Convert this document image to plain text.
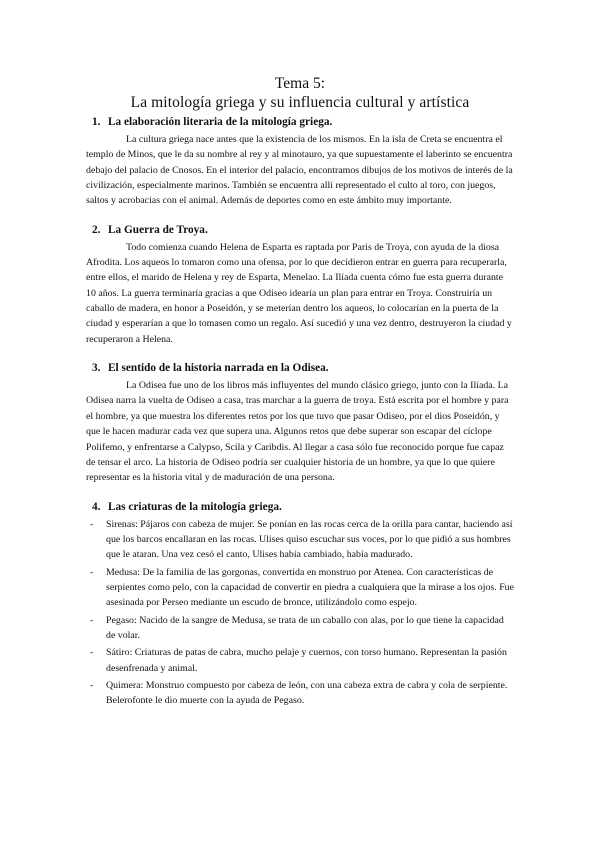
Tema 5:
La mitología griega y su influencia cultural y artística
1. La elaboración literaria de la mitología griega.

La cultura griega nace antes que la existencia de los mismos. En la isla de Creta se encuentra el templo de Minos, que le da su nombre al rey y al minotauro, ya que supuestamente el laberinto se encuentra debajo del palacio de Cnosos. En el interior del palacio, encontramos dibujos de los motivos de interés de la civilización, especialmente marinos. También se encuentra allí representado el culto al toro, con juegos, saltos y acrobacias con el animal. Además de deportes como en este ámbito muy importante.

2. La Guerra de Troya.

Todo comienza cuando Helena de Esparta es raptada por Paris de Troya, con ayuda de la diosa Afrodita. Los aqueos lo tomaron como una ofensa, por lo que decidieron entrar en guerra para recuperarla, entre ellos, el marido de Helena y rey de Esparta, Menelao. La Ilíada cuenta cómo fue esta guerra durante 10 años. La guerra terminaría gracias a que Odiseo idearía un plan para entrar en Troya. Construiría un caballo de madera, en honor a Poseidón, y se meterían dentro los aqueos, lo colocarían en la puerta de la ciudad y esperarían a que lo tomasen como un regalo. Así sucedió y una vez dentro, destruyeron la ciudad y recuperaron a Helena.

3. El sentido de la historia narrada en la Odisea.

La Odisea fue uno de los libros más influyentes del mundo clásico griego, junto con la Ilíada. La Odisea narra la vuelta de Odiseo a casa, tras marchar a la guerra de troya. Está escrita por el hombre y para el hombre, ya que muestra los diferentes retos por los que tuvo que pasar Odiseo, por el dios Poseidón, y que le hacen madurar cada vez que supera una. Algunos retos que debe superar son escapar del cíclope Polifemo, y enfrentarse a Calypso, Scila y Caribdis. Al llegar a casa sólo fue reconocido porque fue capaz de tensar el arco. La historia de Odiseo podría ser cualquier historia de un hombre, ya que lo que quiere representar es la historia vital y de maduración de una persona.

4. Las criaturas de la mitología griega.
- Sirenas: Pájaros con cabeza de mujer. Se ponían en las rocas cerca de la orilla para cantar, haciendo así que los barcos encallaran en las rocas. Ulises quiso escuchar sus voces, por lo que pidió a sus hombres que le ataran. Una vez cesó el canto, Ulises había cambiado, había madurado.
- Medusa: De la familia de las gorgonas, convertida en monstruo por Atenea. Con características de serpientes como pelo, con la capacidad de convertir en piedra a cualquiera que la mirase a los ojos. Fue asesinada por Perseo mediante un escudo de bronce, utilizándolo como espejo.
- Pegaso: Nacido de la sangre de Medusa, se trata de un caballo con alas, por lo que tiene la capacidad de volar.
- Sátiro: Criaturas de patas de cabra, mucho pelaje y cuernos, con torso humano. Representan la pasión desenfrenada y animal.
- Quimera: Monstruo compuesto por cabeza de león, con una cabeza extra de cabra y cola de serpiente. Belerofonte le dio muerte con la ayuda de Pegaso.
